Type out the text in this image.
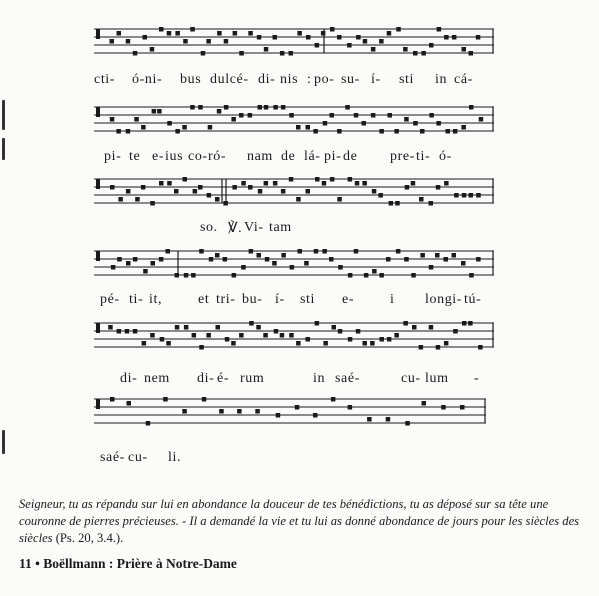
cti- ó-ni- bus dulcé- di- nis : po- su- í- sti in cá-
pi- te e- ius co- ró- nam de lá- pi- de pre- ti- ó-
so. ℣. Vi- tam
pé- ti- it,	et tri- bu- í- sti e-	i longi- tú-
di- nem di- é- rum	in saé-	cu- lum -
saé- cu- li.

Seigneur, tu as répandu sur lui en abondance la douceur de tes bénédictions, tu as déposé sur sa tête une couronne de pierres précieuses. - Il a demandé la vie et tu lui as donné abondance de jours pour les siècles des siècles (Ps. 20, 3.4.).

11 • Boëllmann : Prière à Notre-Dame
